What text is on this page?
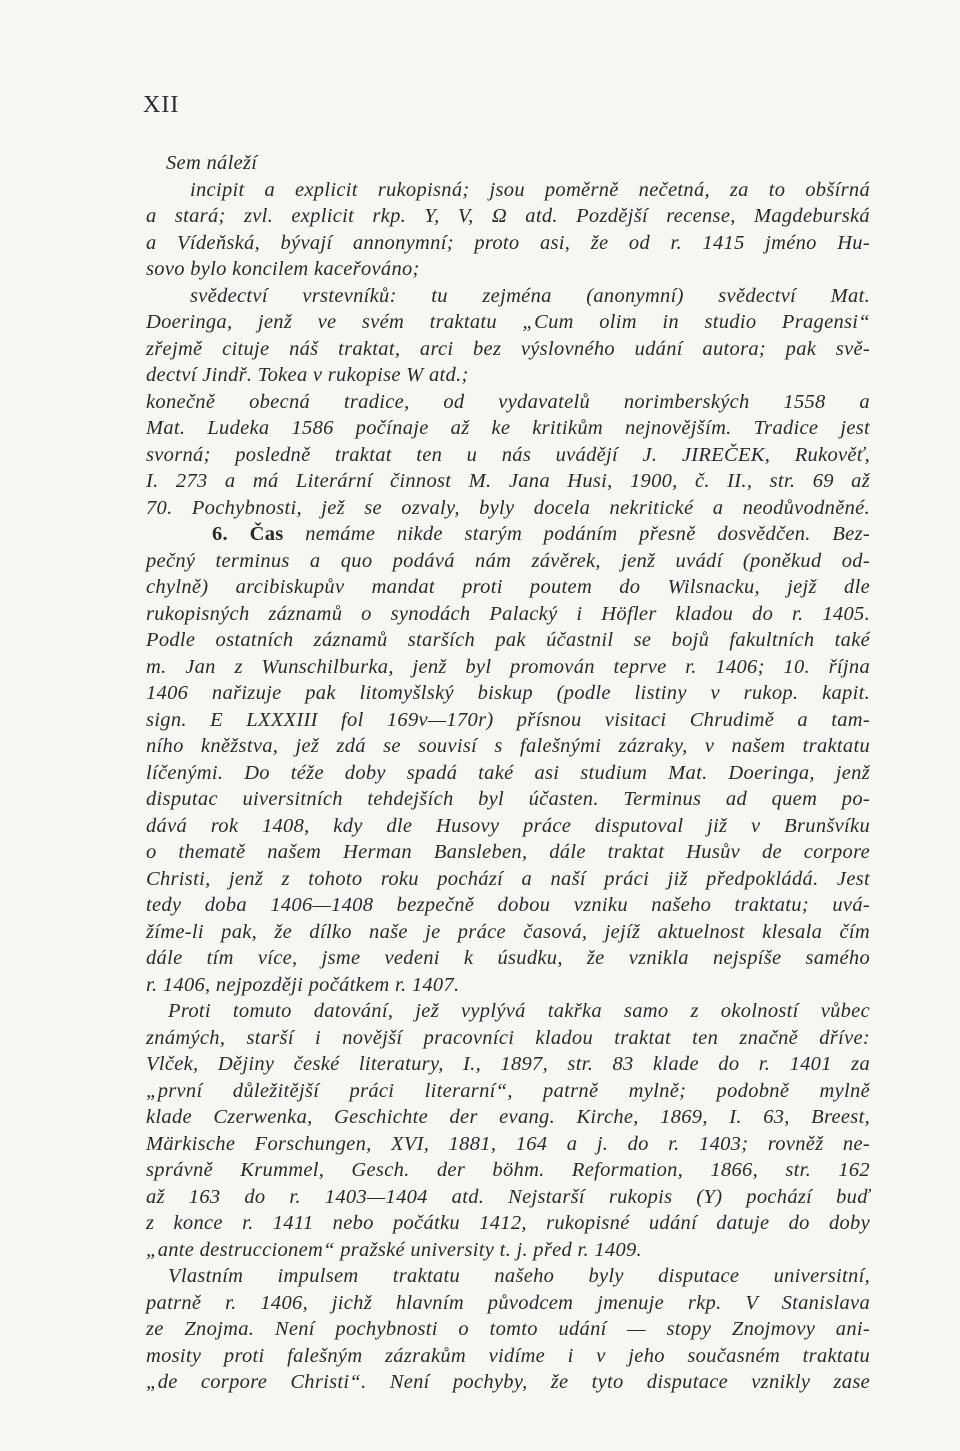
XII
Sem náleží
incipit a explicit rukopisná; jsou poměrně nečetná, za to obšírná
a stará; zvl. explicit rkp. Y, V, Ω atd. Pozdější recense, Magdeburská
a Vídeňská, bývají annonymní; proto asi, že od r. 1415 jméno Hu-
sovo bylo koncilem kaceřováno;
svědectví vrstevníků: tu zejména (anonymní) svědectví Mat.
Doeringa, jenž ve svém traktatu „Cum olim in studio Pragensi“
zřejmě cituje náš traktat, arci bez výslovného udání autora; pak svě-
dectví Jindř. Tokea v rukopise W atd.;
konečně obecná tradice, od vydavatelů norimberských 1558 a
Mat. Ludeka 1586 počínaje až ke kritikům nejnovějším. Tradice jest
svorná; posledně traktat ten u nás uvádějí J. JIREČEK, Rukověť,
I. 273 a má Literární činnost M. Jana Husi, 1900, č. II., str. 69 až
70. Pochybnosti, jež se ozvaly, byly docela nekritické a neodůvodněné.
6. Čas nemáme nikde starým podáním přesně dosvědčen. Bez-
pečný terminus a quo podává nám závěrek, jenž uvádí (poněkud od-
chylně) arcibiskupův mandat proti poutem do Wilsnacku, jejž dle
rukopisných záznamů o synodách Palacký i Höfler kladou do r. 1405.
Podle ostatních záznamů starších pak účastnil se bojů fakultních také
m. Jan z Wunschilburka, jenž byl promován teprve r. 1406; 10. října
1406 nařizuje pak litomyšlský biskup (podle listiny v rukop. kapit.
sign. E LXXXIII fol 169v—170r) přísnou visitaci Chrudimě a tam-
ního kněžstva, jež zdá se souvisí s falešnými zázraky, v našem traktatu
líčenými. Do téže doby spadá také asi studium Mat. Doeringa, jenž
disputac uiversitních tehdejších byl účasten. Terminus ad quem po-
dává rok 1408, kdy dle Husovy práce disputoval již v Brunšvíku
o thematě našem Herman Bansleben, dále traktat Husův de corpore
Christi, jenž z tohoto roku pochází a naší práci již předpokládá. Jest
tedy doba 1406—1408 bezpečně dobou vzniku našeho traktatu; uvá-
žíme-li pak, že dílko naše je práce časová, jejíž aktuelnost klesala čím
dále tím více, jsme vedeni k úsudku, že vznikla nejspíše samého
r. 1406, nejpozději počátkem r. 1407.
Proti tomuto datování, jež vyplývá takřka samo z okolností vůbec
známých, starší i novější pracovníci kladou traktat ten značně dříve:
Vlček, Dějiny české literatury, I., 1897, str. 83 klade do r. 1401 za
„první důležitější práci literarní“, patrně mylně; podobně mylně
klade Czerwenka, Geschichte der evang. Kirche, 1869, I. 63, Breest,
Märkische Forschungen, XVI, 1881, 164 a j. do r. 1403; rovněž ne-
správně Krummel, Gesch. der böhm. Reformation, 1866, str. 162
až 163 do r. 1403—1404 atd. Nejstarší rukopis (Y) pochází buď
z konce r. 1411 nebo počátku 1412, rukopisné udání datuje do doby
„ante destruccionem“ pražské university t. j. před r. 1409.
Vlastním impulsem traktatu našeho byly disputace universitní,
patrně r. 1406, jichž hlavním původcem jmenuje rkp. V Stanislava
ze Znojma. Není pochybnosti o tomto udání — stopy Znojmovy ani-
mosity proti falešným zázrakům vidíme i v jeho současném traktatu
„de corpore Christi“. Není pochyby, že tyto disputace vznikly zase
